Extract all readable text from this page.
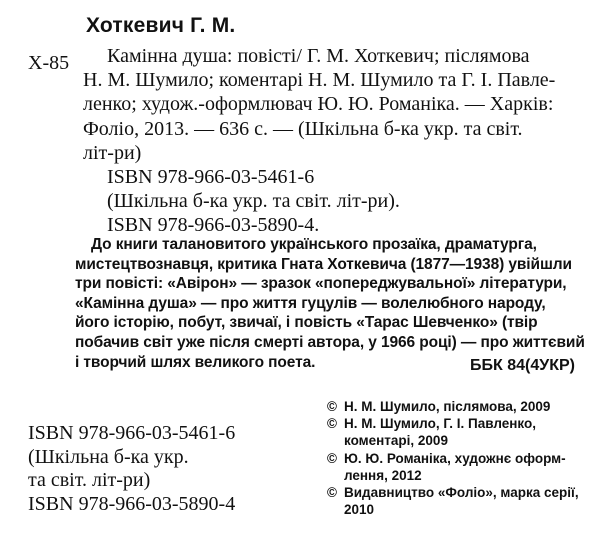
Хоткевич Г. М.
Х-85	Камінна душа: повісті/ Г. М. Хоткевич; післямова
Н. М. Шумило; коментарі Н. М. Шумило та Г. І. Павле-
ленко; худож.-оформлювач Ю. Ю. Романіка. — Харків:
Фоліо, 2013. — 636 с. — (Шкільна б-ка укр. та світ.
літ-ри)
ISBN 978-966-03-5461-6
(Шкільна б-ка укр. та світ. літ-ри).
ISBN 978-966-03-5890-4.
До книги талановитого українського прозаїка, драматурга,
мистецтвознавця, критика Гната Хоткевича (1877—1938) увійшли
три повісті: «Авірон» — зразок «попереджувальної» літератури,
«Камінна душа» — про життя гуцулів — волелюбного народу,
його історію, побут, звичаї, і повість «Тарас Шевченко» (твір
побачив світ уже після смерті автора, у 1966 році) — про життєвий
і творчий шлях великого поета.	ББК 84(4УКР)
ISBN 978-966-03-5461-6
(Шкільна б-ка укр.
та світ. літ-ри)
ISBN 978-966-03-5890-4
© Н. М. Шумило, післямова, 2009
© Н. М. Шумило, Г. І. Павленко,
коментарі, 2009
© Ю. Ю. Романіка, художнє оформ-
лення, 2012
© Видавництво «Фоліо», марка серії,
2010
